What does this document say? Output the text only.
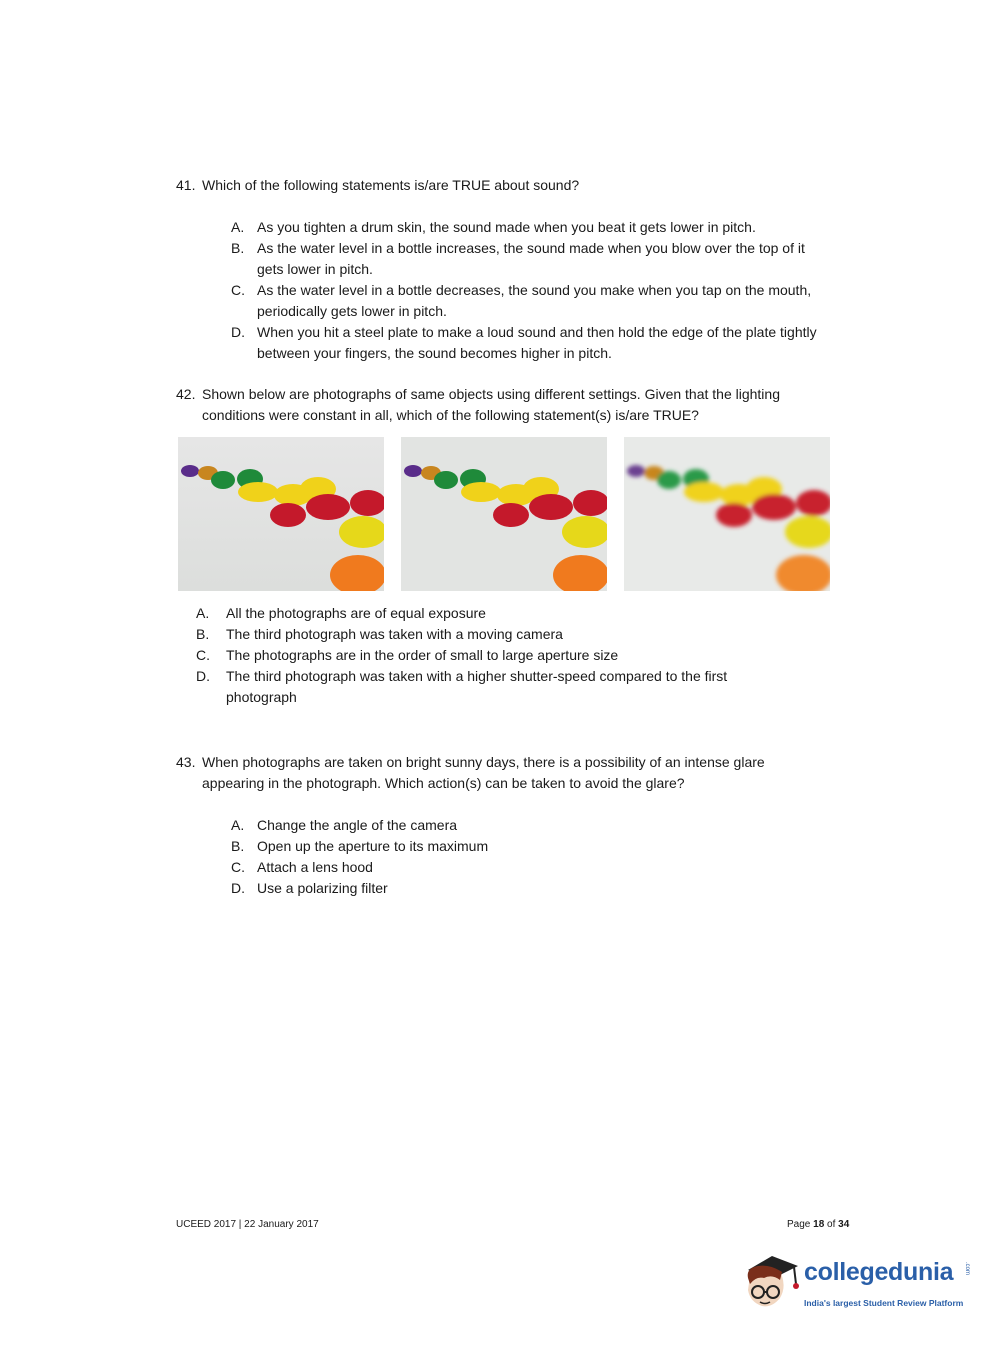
41. Which of the following statements is/are TRUE about sound?
A. As you tighten a drum skin, the sound made when you beat it gets lower in pitch.
B. As the water level in a bottle increases, the sound made when you blow over the top of it gets lower in pitch.
C. As the water level in a bottle decreases, the sound you make when you tap on the mouth, periodically gets lower in pitch.
D. When you hit a steel plate to make a loud sound and then hold the edge of the plate tightly between your fingers, the sound becomes higher in pitch.
42. Shown below are photographs of same objects using different settings. Given that the lighting conditions were constant in all, which of the following statement(s) is/are TRUE?
A.	All the photographs are of equal exposure
B.	The third photograph was taken with a moving camera
C.	The photographs are in the order of small to large aperture size
D.	The third photograph was taken with a higher shutter-speed compared to the first photograph
43. When photographs are taken on bright sunny days, there is a possibility of an intense glare appearing in the photograph. Which action(s) can be taken to avoid the glare?
A. Change the angle of the camera
B. Open up the aperture to its maximum
C. Attach a lens hood
D. Use a polarizing filter
UCEED 2017 | 22 January 2017	Page 18 of 34
collegedunia .com
India's largest Student Review Platform
